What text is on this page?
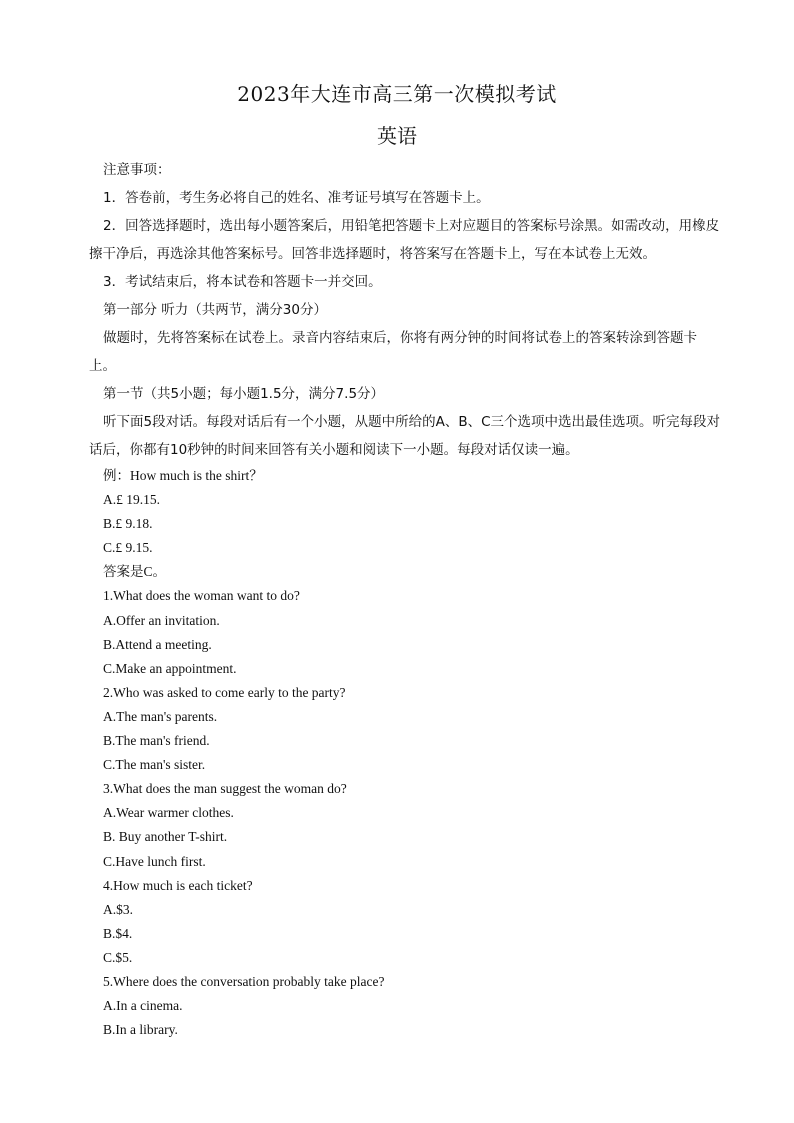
2023年大连市高三第一次模拟考试
英语

注意事项：

1．答卷前，考生务必将自己的姓名、准考证号填写在答题卡上。

2．回答选择题时，选出每小题答案后，用铅笔把答题卡上对应题目的答案标号涂黑。如需改动，用橡皮擦干净后，再选涂其他答案标号。回答非选择题时，将答案写在答题卡上，写在本试卷上无效。

3．考试结束后，将本试卷和答题卡一并交回。

第一部分 听力（共两节，满分30分）

做题时，先将答案标在试卷上。录音内容结束后，你将有两分钟的时间将试卷上的答案转涂到答题卡上。

第一节（共5小题；每小题1.5分，满分7.5分）

听下面5段对话。每段对话后有一个小题，从题中所给的A、B、C三个选项中选出最佳选项。听完每段对话后，你都有10秒钟的时间来回答有关小题和阅读下一小题。每段对话仅读一遍。

例：How much is the shirt？

A.£ 19.15.

B.£ 9.18.

C.£ 9.15.

答案是C。

1.What does the woman want to do?

A.Offer an invitation.

B.Attend a meeting.

C.Make an appointment.

2.Who was asked to come early to the party?

A.The man's parents.

B.The man's friend.

C.The man's sister.

3.What does the man suggest the woman do?

A.Wear warmer clothes.

B. Buy another T-shirt.

C.Have lunch first.

4.How much is each ticket?

A.$3.

B.$4.

C.$5.

5.Where does the conversation probably take place?

A.In a cinema.

B.In a library.
